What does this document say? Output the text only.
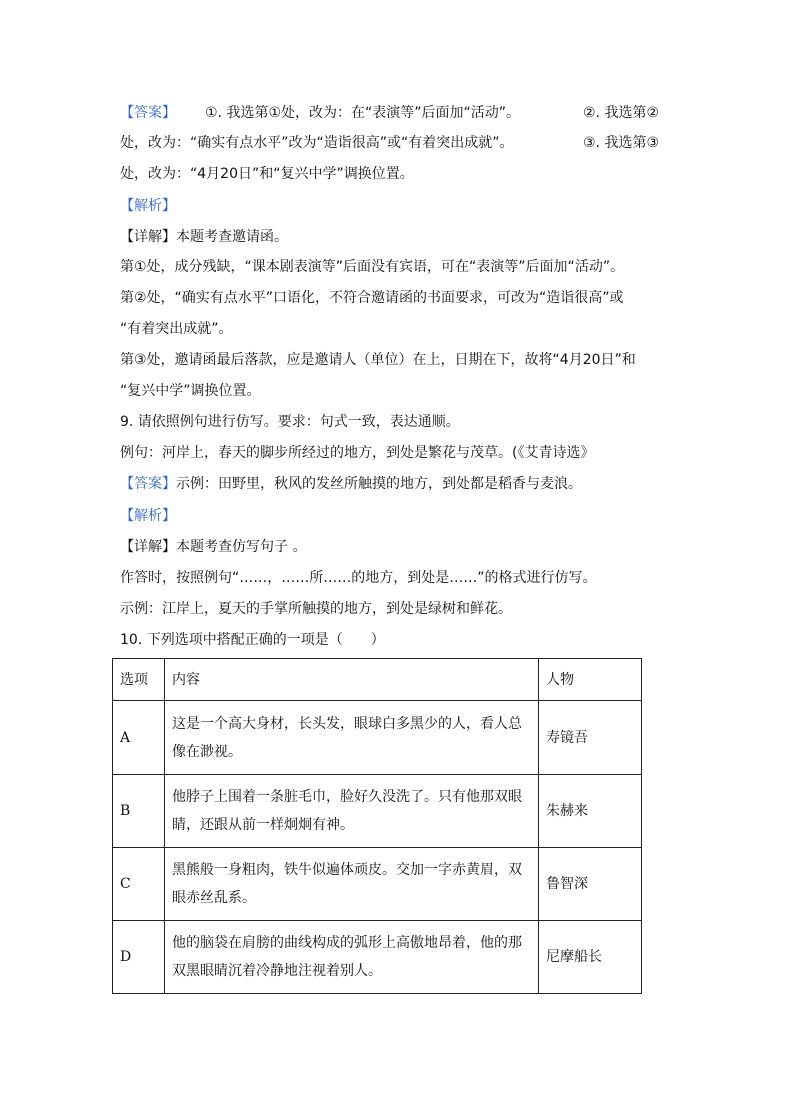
【答案】 ①. 我选第①处，改为：在“表演等”后面加“活动”。	②. 我选第②
处，改为：“确实有点水平”改为“造诣很高”或“有着突出成就”。	③. 我选第③
处，改为：“4月20日”和“复兴中学”调换位置。
【解析】
【详解】本题考查邀请函。
第①处，成分残缺，“课本剧表演等”后面没有宾语，可在“表演等”后面加“活动”。
第②处，“确实有点水平”口语化，不符合邀请函的书面要求，可改为“造诣很高”或
“有着突出成就”。
第③处，邀请函最后落款，应是邀请人（单位）在上，日期在下，故将“4月20日”和
“复兴中学”调换位置。
9. 请依照例句进行仿写。要求：句式一致，表达通顺。
例句：河岸上，春天的脚步所经过的地方，到处是繁花与茂草。(《艾青诗选》
【答案】示例：田野里，秋风的发丝所触摸的地方，到处都是稻香与麦浪。
【解析】
【详解】本题考查仿写句子 。
作答时，按照例句“……，……所……的地方，到处是……”的格式进行仿写。
示例：江岸上，夏天的手掌所触摸的地方，到处是绿树和鲜花。
10. 下列选项中搭配正确的一项是（　　）
选项	内容	人物
A	这是一个高大身材，长头发，眼球白多黑少的人，看人总
像在渺视。	寿镜吾
B	他脖子上围着一条脏毛巾，脸好久没洗了。只有他那双眼
睛，还跟从前一样炯炯有神。	朱赫来
C	黑熊般一身粗肉，铁牛似遍体顽皮。交加一字赤黄眉，双
眼赤丝乱系。	鲁智深
D	他的脑袋在肩膀的曲线构成的弧形上高傲地昂着，他的那
双黑眼睛沉着冷静地注视着别人。	尼摩船长
